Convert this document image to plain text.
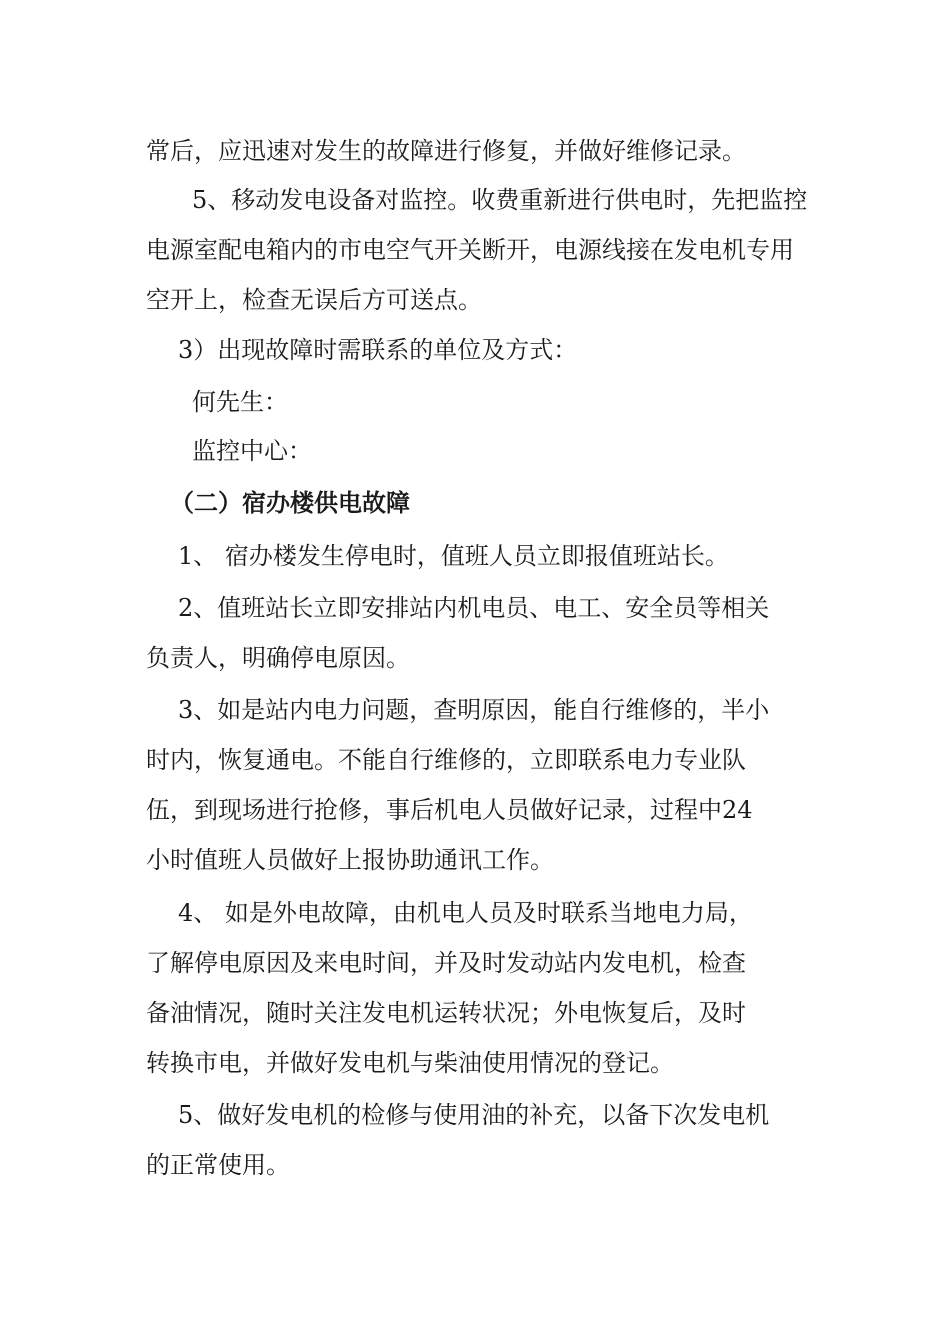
常后，应迅速对发生的故障进行修复，并做好维修记录。

5、移动发电设备对监控。收费重新进行供电时，先把监控

电源室配电箱内的市电空气开关断开，电源线接在发电机专用

空开上，检查无误后方可送点。

3）出现故障时需联系的单位及方式：

何先生：

监控中心：

（二）宿办楼供电故障

1、 宿办楼发生停电时，值班人员立即报值班站长。

2、值班站长立即安排站内机电员、电工、安全员等相关

负责人，明确停电原因。

3、如是站内电力问题，查明原因，能自行维修的，半小

时内，恢复通电。不能自行维修的，立即联系电力专业队

伍，到现场进行抢修，事后机电人员做好记录，过程中24

小时值班人员做好上报协助通讯工作。

4、 如是外电故障，由机电人员及时联系当地电力局，

了解停电原因及来电时间，并及时发动站内发电机，检查

备油情况，随时关注发电机运转状况；外电恢复后，及时

转换市电，并做好发电机与柴油使用情况的登记。

5、做好发电机的检修与使用油的补充，以备下次发电机

的正常使用。
